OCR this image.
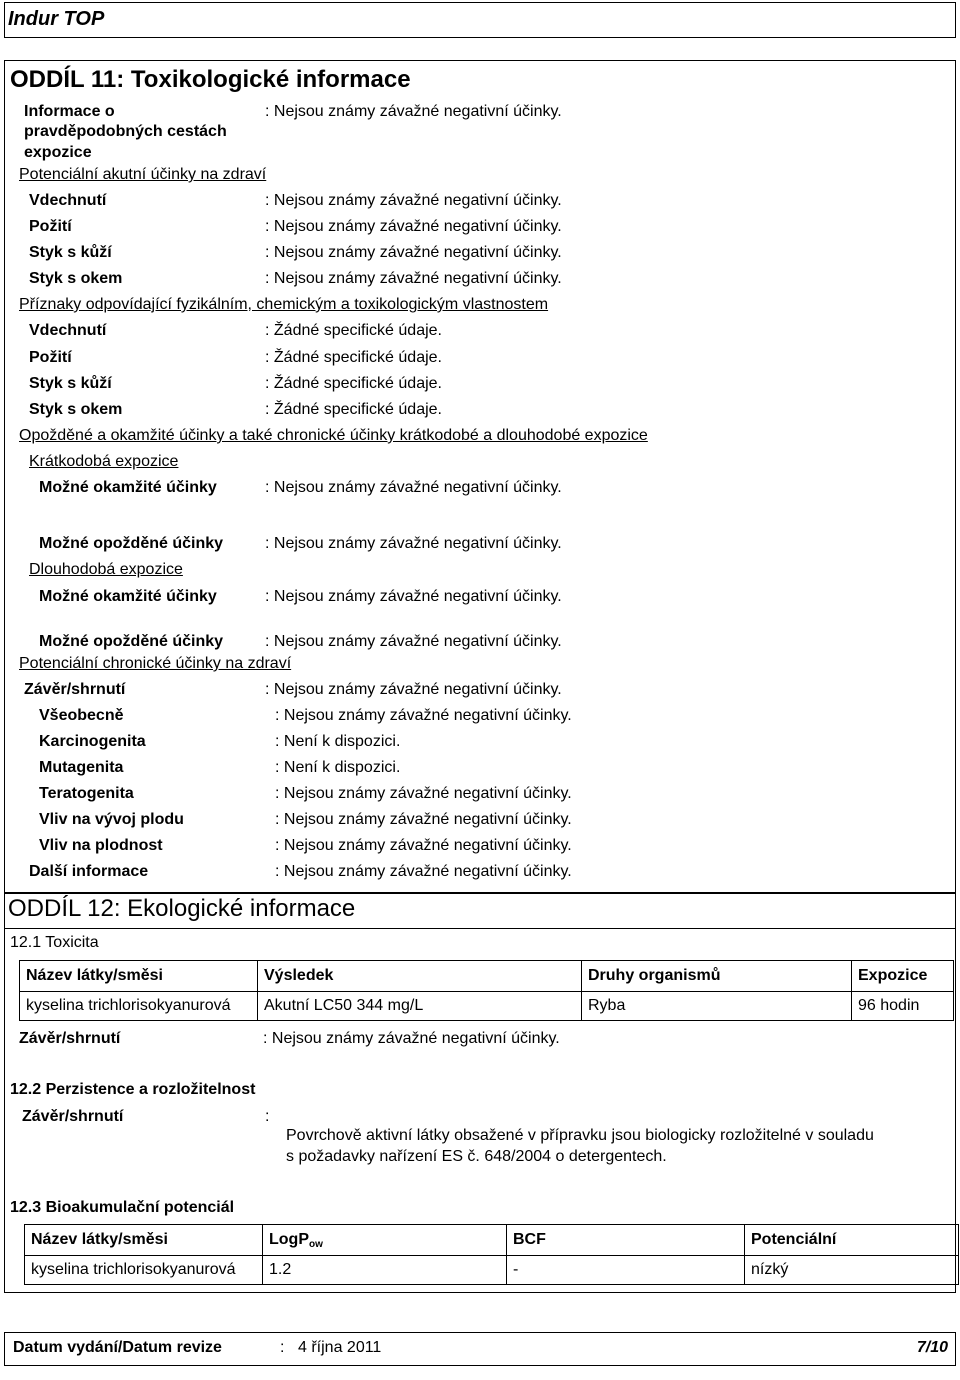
Indur TOP
ODDÍL 11: Toxikologické informace
Informace o
pravděpodobných cestách
expozice
: Nejsou známy závažné negativní účinky.
Potenciální akutní účinky na zdraví
Vdechnutí	: Nejsou známy závažné negativní účinky.
Požití	: Nejsou známy závažné negativní účinky.
Styk s kůží	: Nejsou známy závažné negativní účinky.
Styk s okem	: Nejsou známy závažné negativní účinky.
Příznaky odpovídající fyzikálním, chemickým a toxikologickým vlastnostem
Vdechnutí	: Žádné specifické údaje.
Požití	: Žádné specifické údaje.
Styk s kůží	: Žádné specifické údaje.
Styk s okem	: Žádné specifické údaje.
Opožděné a okamžité účinky a také chronické účinky krátkodobé a dlouhodobé expozice
Krátkodobá expozice
Možné okamžité účinky	: Nejsou známy závažné negativní účinky.
Možné opožděné účinky	: Nejsou známy závažné negativní účinky.
Dlouhodobá expozice
Možné okamžité účinky	: Nejsou známy závažné negativní účinky.
Možné opožděné účinky	: Nejsou známy závažné negativní účinky.
Potenciální chronické účinky na zdraví
Závěr/shrnutí	: Nejsou známy závažné negativní účinky.
Všeobecně	: Nejsou známy závažné negativní účinky.
Karcinogenita	: Není k dispozici.
Mutagenita	: Není k dispozici.
Teratogenita	: Nejsou známy závažné negativní účinky.
Vliv na vývoj plodu	: Nejsou známy závažné negativní účinky.
Vliv na plodnost	: Nejsou známy závažné negativní účinky.
Další informace	: Nejsou známy závažné negativní účinky.
ODDÍL 12: Ekologické informace
12.1 Toxicita
Název látky/směsi	Výsledek	Druhy organismů	Expozice
kyselina trichlorisokyanurová	Akutní LC50 344 mg/L	Ryba	96 hodin
Závěr/shrnutí	: Nejsou známy závažné negativní účinky.
12.2 Perzistence a rozložitelnost
Závěr/shrnutí	:
Povrchově aktivní látky obsažené v přípravku jsou biologicky rozložitelné v souladu
s požadavky nařízení ES č. 648/2004 o detergentech.
12.3 Bioakumulační potenciál
Název látky/směsi	LogP$_{ow}$	BCF	Potenciální
kyselina trichlorisokyanurová	1.2	-	nízký
Datum vydání/Datum revize	: 4 října 2011	7/10
